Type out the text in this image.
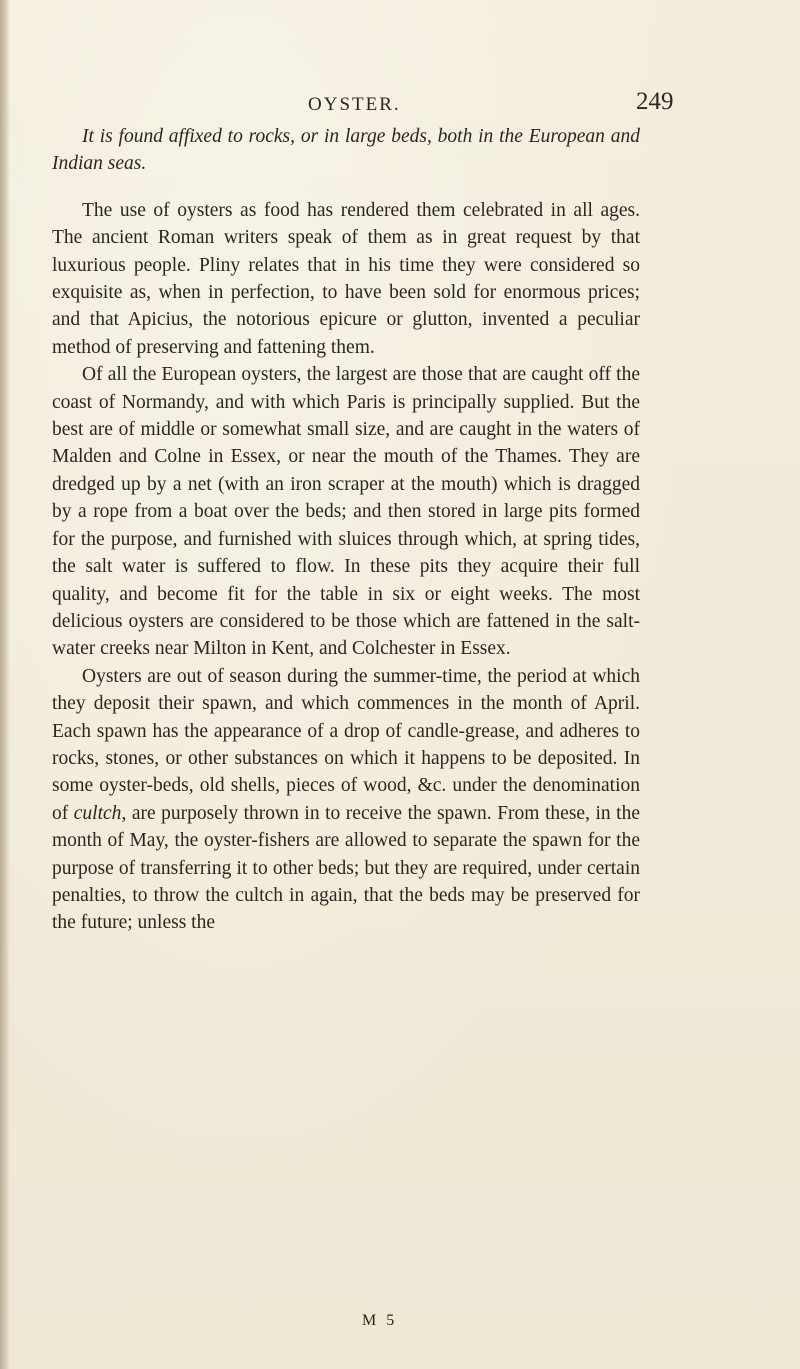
OYSTER.	249

It is found affixed to rocks, or in large beds, both in the European and Indian seas.

The use of oysters as food has rendered them celebrated in all ages. The ancient Roman writers speak of them as in great request by that luxurious people. Pliny relates that in his time they were considered so exquisite as, when in perfection, to have been sold for enormous prices; and that Apicius, the notorious epicure or glutton, invented a peculiar method of preserving and fattening them.

Of all the European oysters, the largest are those that are caught off the coast of Normandy, and with which Paris is principally supplied. But the best are of middle or somewhat small size, and are caught in the waters of Malden and Colne in Essex, or near the mouth of the Thames. They are dredged up by a net (with an iron scraper at the mouth) which is dragged by a rope from a boat over the beds; and then stored in large pits formed for the purpose, and furnished with sluices through which, at spring tides, the salt water is suffered to flow. In these pits they acquire their full quality, and become fit for the table in six or eight weeks. The most delicious oysters are considered to be those which are fattened in the salt-water creeks near Milton in Kent, and Colchester in Essex.

Oysters are out of season during the summer-time, the period at which they deposit their spawn, and which commences in the month of April. Each spawn has the appearance of a drop of candle-grease, and adheres to rocks, stones, or other substances on which it happens to be deposited. In some oyster-beds, old shells, pieces of wood, &c. under the denomination of cultch, are purposely thrown in to receive the spawn. From these, in the month of May, the oyster-fishers are allowed to separate the spawn for the purpose of transferring it to other beds; but they are required, under certain penalties, to throw the cultch in again, that the beds may be preserved for the future; unless the

M 5
